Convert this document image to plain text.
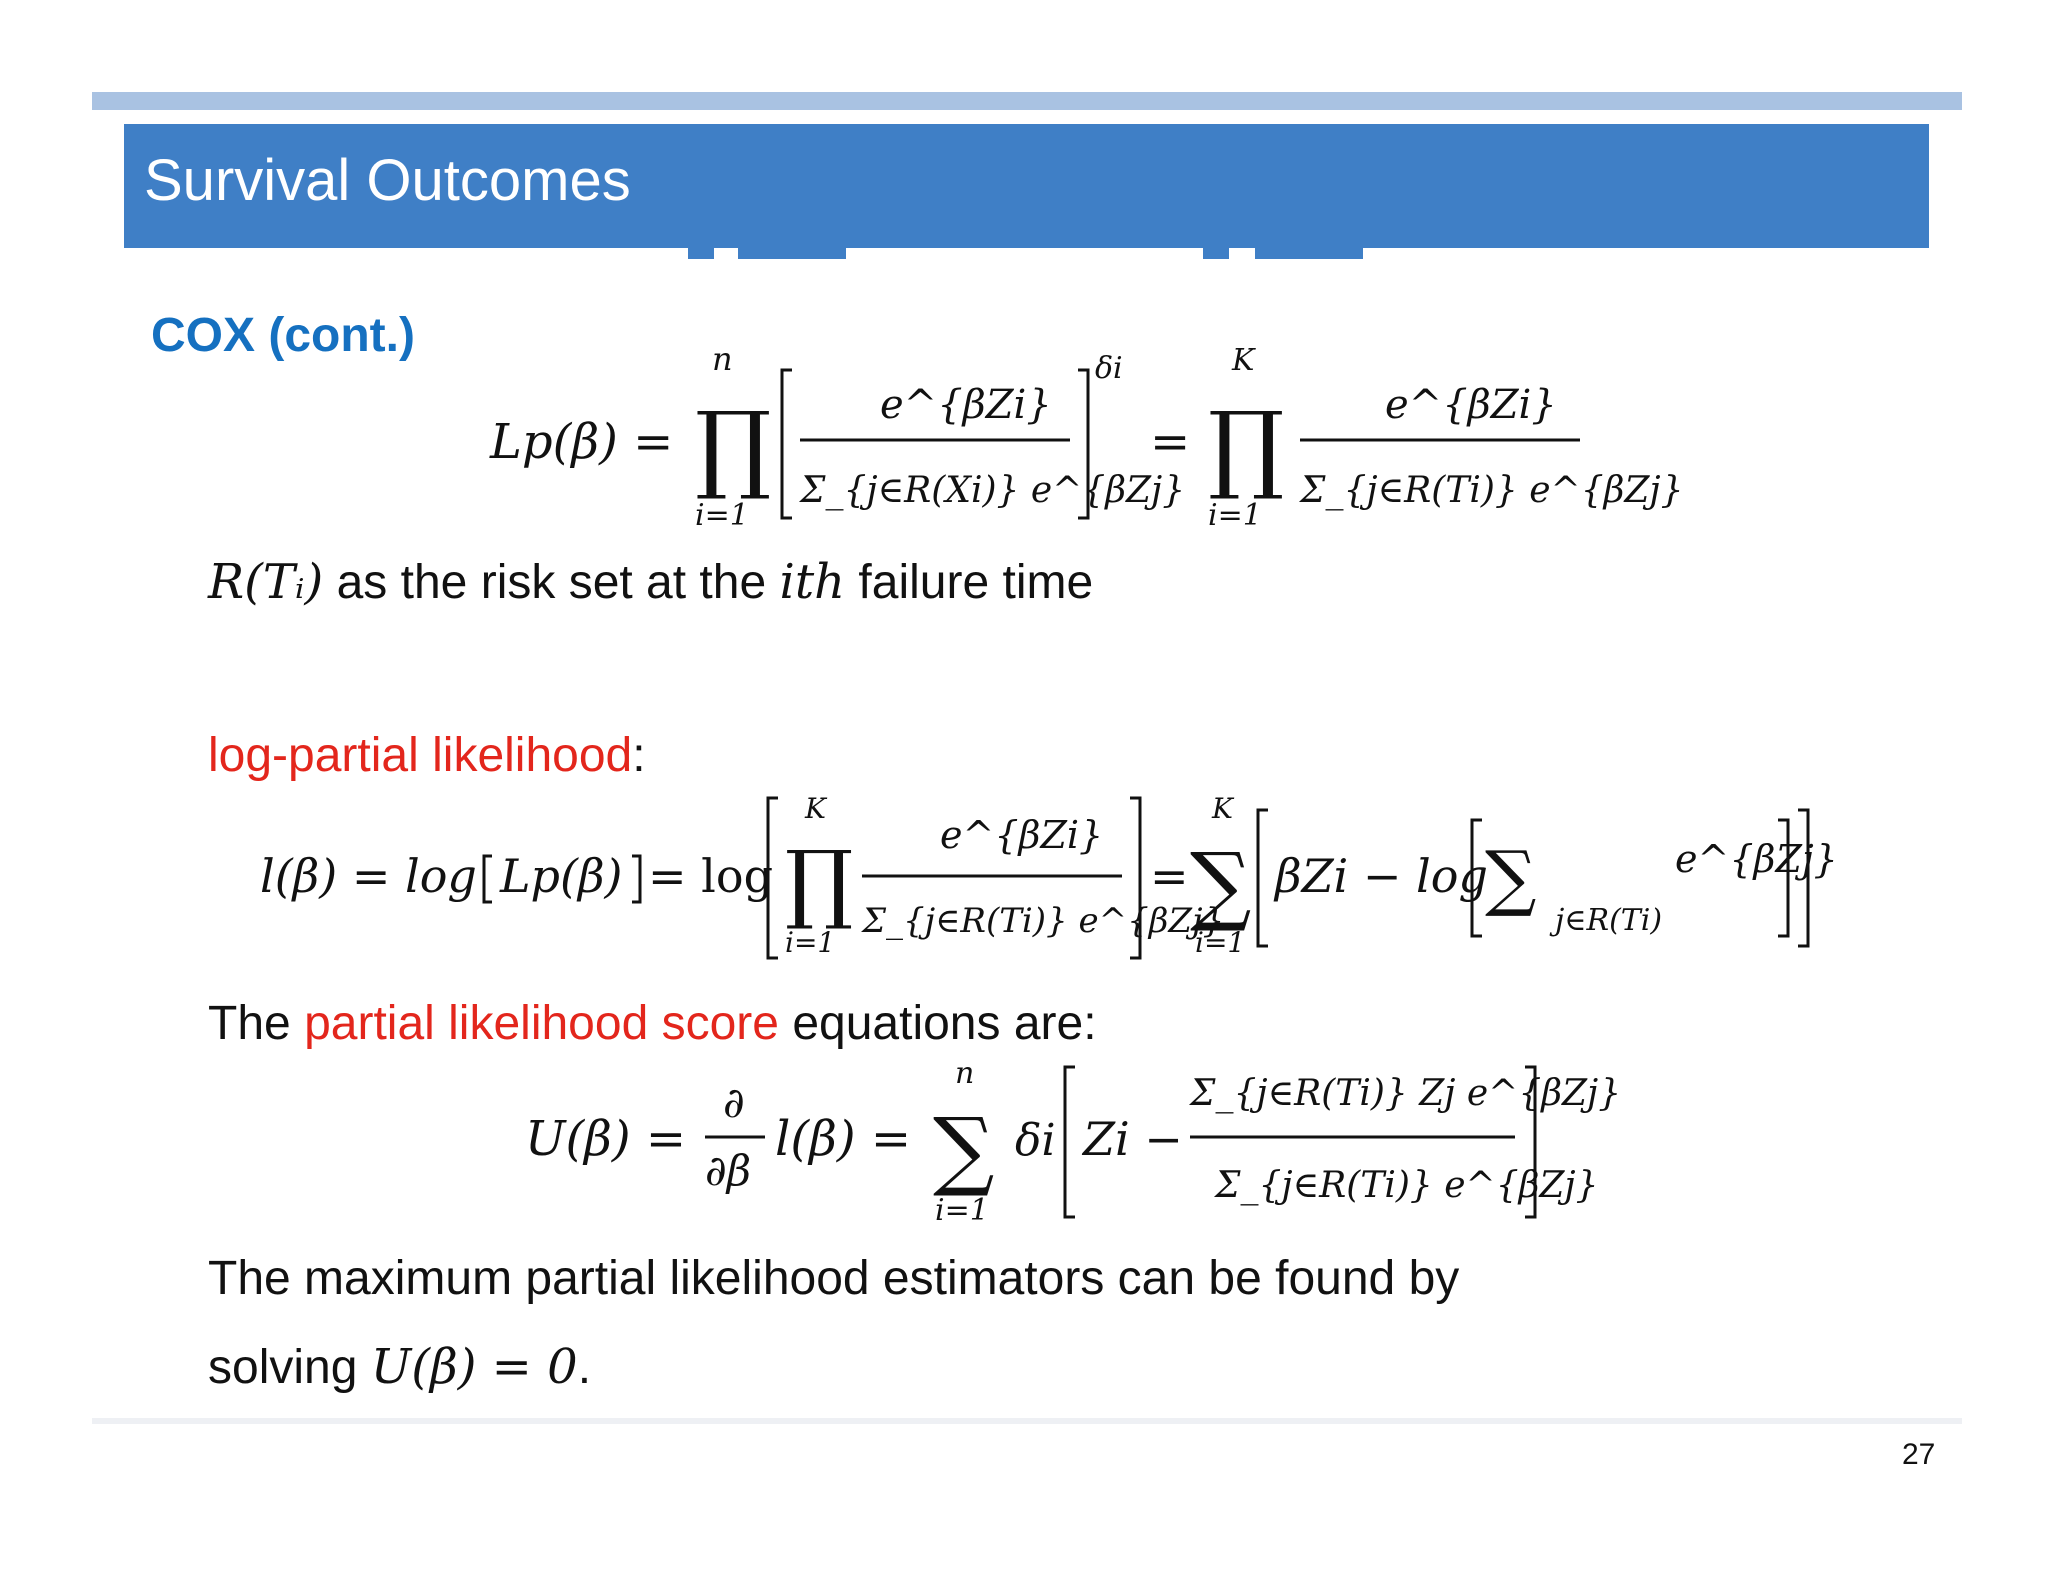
Survival Outcomes
COX (cont.)
Lp(β) =
n
∏
i=1
e^{βZi}
Σ_{j∈R(Xi)} e^{βZj}
δi
=
K
∏
i=1
e^{βZi}
Σ_{j∈R(Ti)} e^{βZj}
R(Tᵢ) as the risk set at the ith failure time
log-partial likelihood:
l(β) = log Lp(β) = log
K
∏
i=1
e^{βZi}
Σ_{j∈R(Ti)} e^{βZj}
=
K
∑
i=1
βZi − log
∑
j∈R(Ti)
e^{βZj}
The partial likelihood score equations are:
U(β) =
∂
∂β
l(β) =
n
∑
i=1
δi Zi −
Σ_{j∈R(Ti)} Zj e^{βZj}
Σ_{j∈R(Ti)} e^{βZj}
The maximum partial likelihood estimators can be found by
solving U(β) = 0.
27
